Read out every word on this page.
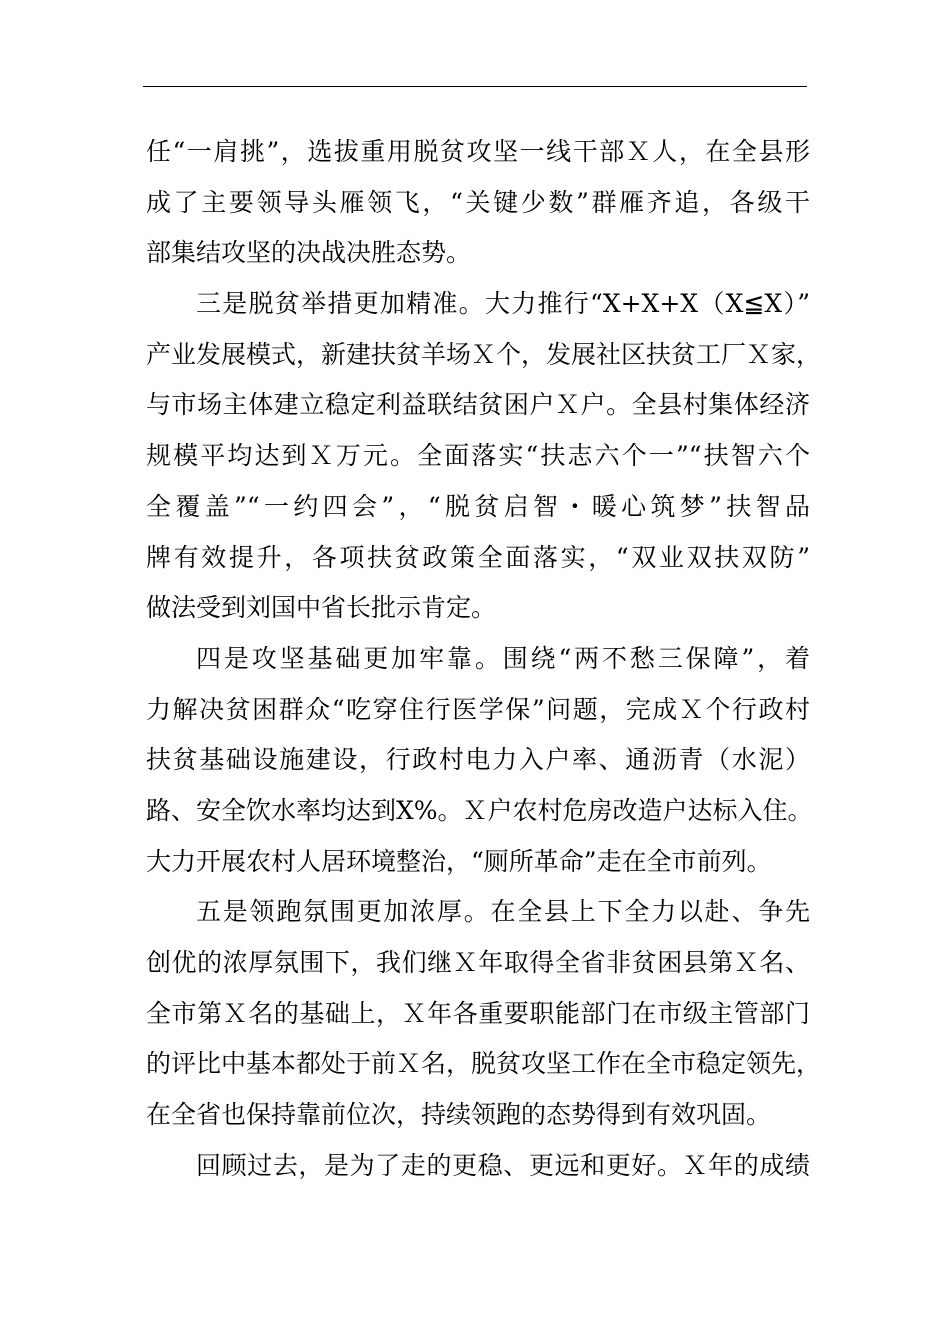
任“一肩挑”，选拔重用脱贫攻坚一线干部Ｘ人，在全县形
成了主要领导头雁领飞，“关键少数”群雁齐追，各级干
部集结攻坚的决战决胜态势。
三是脱贫举措更加精准。大力推行“X+X+X（X≦X）”
产业发展模式，新建扶贫羊场Ｘ个，发展社区扶贫工厂Ｘ家，
与市场主体建立稳定利益联结贫困户Ｘ户。全县村集体经济
规模平均达到Ｘ万元。全面落实“扶志六个一”“扶智六个
全覆盖”“一约四会”，“脱贫启智・暖心筑梦”扶智品
牌有效提升，各项扶贫政策全面落实，“双业双扶双防”
做法受到刘国中省长批示肯定。
四是攻坚基础更加牢靠。围绕“两不愁三保障”，着
力解决贫困群众“吃穿住行医学保”问题，完成Ｘ个行政村
扶贫基础设施建设，行政村电力入户率、通沥青（水泥）
路、安全饮水率均达到X%。Ｘ户农村危房改造户达标入住。
大力开展农村人居环境整治，“厕所革命”走在全市前列。
五是领跑氛围更加浓厚。在全县上下全力以赴、争先
创优的浓厚氛围下，我们继Ｘ年取得全省非贫困县第Ｘ名、
全市第Ｘ名的基础上，Ｘ年各重要职能部门在市级主管部门
的评比中基本都处于前Ｘ名，脱贫攻坚工作在全市稳定领先，
在全省也保持靠前位次，持续领跑的态势得到有效巩固。
回顾过去，是为了走的更稳、更远和更好。Ｘ年的成绩
